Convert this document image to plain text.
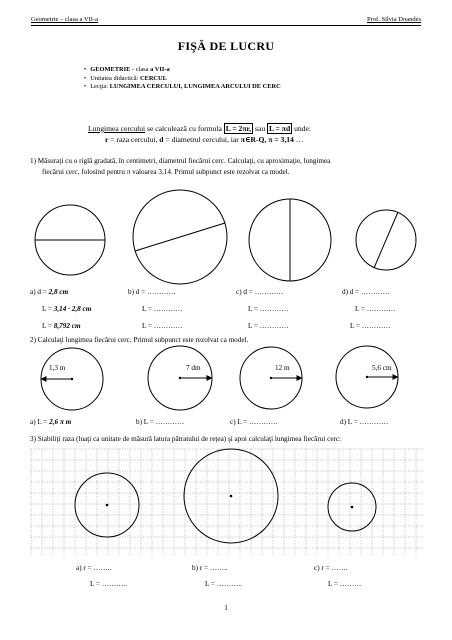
Geometrie – clasa a VII-a	Prof. Silvia Doandes
FIŞĂ DE LUCRU
• GEOMETRIE - clasa a VII-a
• Unitatea didactică: CERCUL
• Lecţia: LUNGIMEA CERCULUI, LUNGIMEA ARCULUI DE CERC
Lungimea cercului se calculează cu formula L = 2πr, sau L = πd unde:
r = raza cercului, d = diametrul cercului, iar π∈R-Q, π = 3,14 …
1) Măsuraţi cu o riglă gradată, în centimetri, diametrul fiecărui cerc. Calculaţi, cu aproximaţie, lungimea
fiecărui cerc, folosind pentru π valoarea 3,14. Primul subpunct este rezolvat ca model.
a) d = 2,8 cm	b) d = …………	c) d = …………	d) d = …………
L = 3,14 · 2,8 cm	L = …………	L = …………	L = …………
L = 8,792 cm	L = …………	L = …………	L = …………
2) Calculaţi lungimea fiecărui cerc. Primul subpunct este rezolvat ca model.
1,3 m	7 dm	12 m	5,6 cm
a) L = 2,6 π m	b) L = …………	c) L = …………	d) L = …………
3) Stabiliţi raza (luaţi ca unitate de măsură latura pătratului de reţea) şi apoi calculaţi lungimea fiecărui cerc:
a) r = ……..	b) r = ……..	c) r = …….
L = ………..	L = ………..	L = ………
1
